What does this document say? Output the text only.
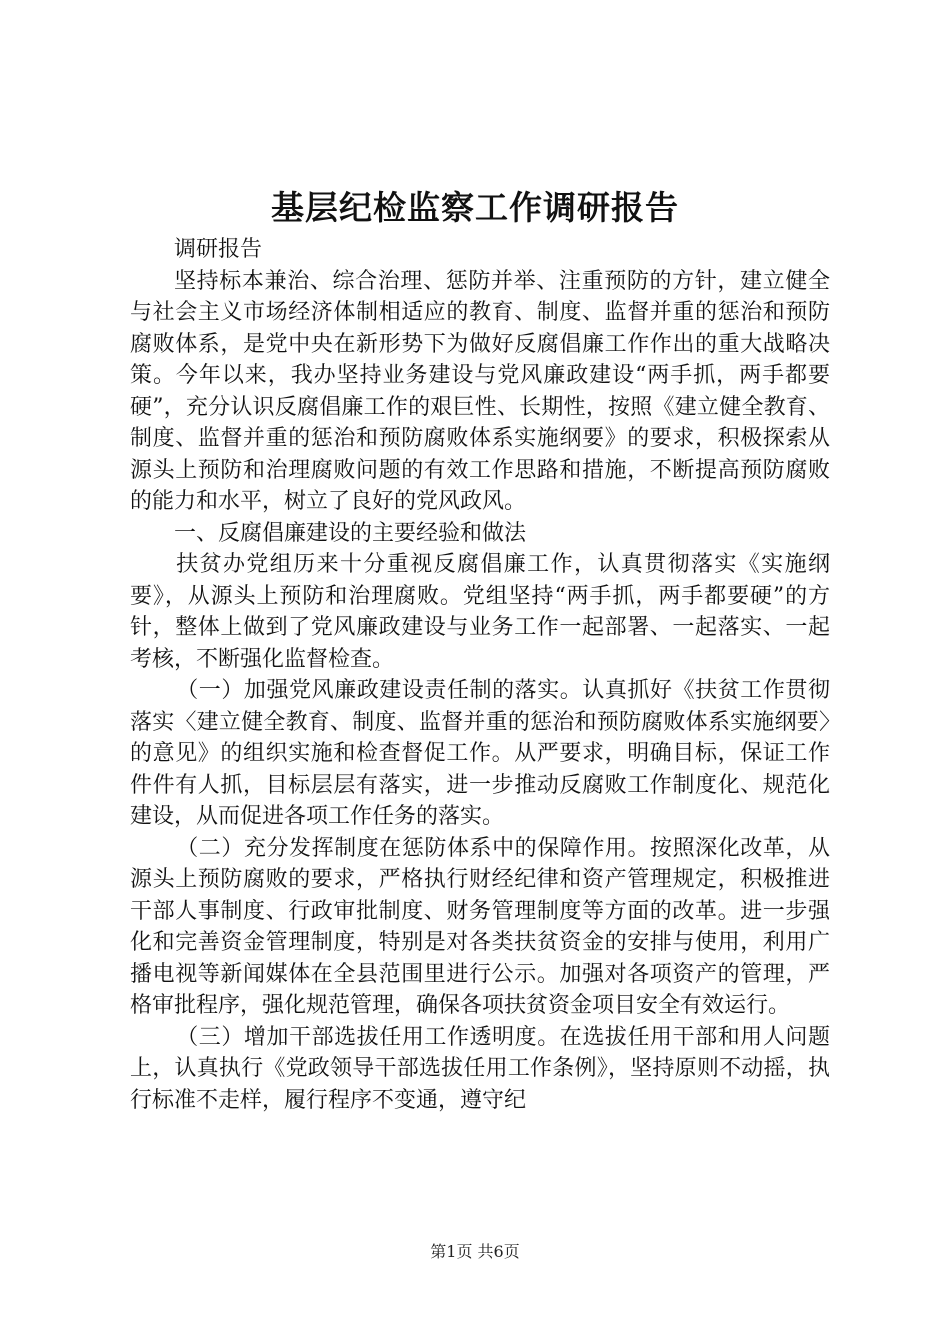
基层纪检监察工作调研报告

调研报告

坚持标本兼治、综合治理、惩防并举、注重预防的方针，建立健全与社会主义市场经济体制相适应的教育、制度、监督并重的惩治和预防腐败体系，是党中央在新形势下为做好反腐倡廉工作作出的重大战略决策。今年以来，我办坚持业务建设与党风廉政建设“两手抓，两手都要硬”，充分认识反腐倡廉工作的艰巨性、长期性，按照《建立健全教育、制度、监督并重的惩治和预防腐败体系实施纲要》的要求，积极探索从源头上预防和治理腐败问题的有效工作思路和措施，不断提高预防腐败的能力和水平，树立了良好的党风政风。

一、反腐倡廉建设的主要经验和做法

扶贫办党组历来十分重视反腐倡廉工作，认真贯彻落实《实施纲要》，从源头上预防和治理腐败。党组坚持“两手抓，两手都要硬”的方针，整体上做到了党风廉政建设与业务工作一起部署、一起落实、一起考核，不断强化监督检查。

（一）加强党风廉政建设责任制的落实。认真抓好《扶贫工作贯彻落实〈建立健全教育、制度、监督并重的惩治和预防腐败体系实施纲要〉的意见》的组织实施和检查督促工作。从严要求，明确目标，保证工作件件有人抓，目标层层有落实，进一步推动反腐败工作制度化、规范化建设，从而促进各项工作任务的落实。

（二）充分发挥制度在惩防体系中的保障作用。按照深化改革，从源头上预防腐败的要求，严格执行财经纪律和资产管理规定，积极推进干部人事制度、行政审批制度、财务管理制度等方面的改革。进一步强化和完善资金管理制度，特别是对各类扶贫资金的安排与使用，利用广播电视等新闻媒体在全县范围里进行公示。加强对各项资产的管理，严格审批程序，强化规范管理，确保各项扶贫资金项目安全有效运行。

（三）增加干部选拔任用工作透明度。在选拔任用干部和用人问题上，认真执行《党政领导干部选拔任用工作条例》，坚持原则不动摇，执行标准不走样，履行程序不变通，遵守纪

第1页 共6页
